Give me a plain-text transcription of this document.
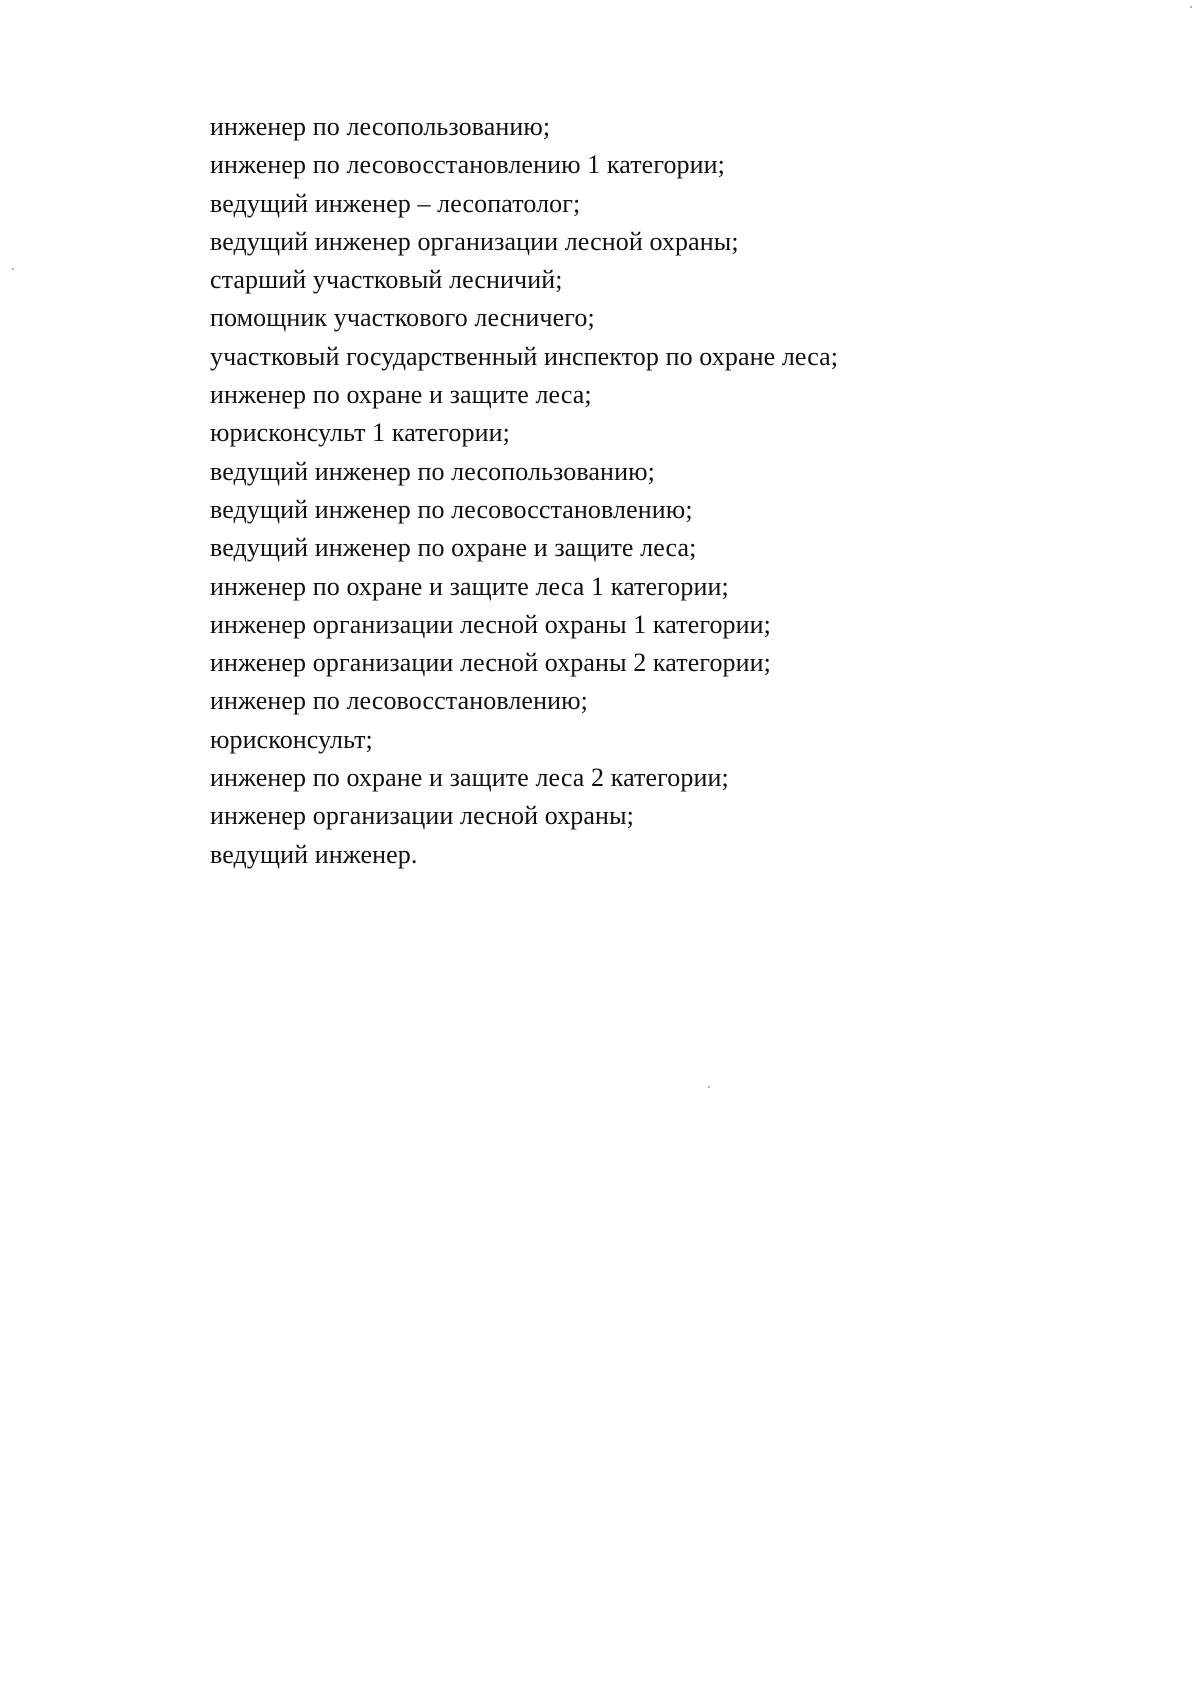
инженер по лесопользованию;
инженер по лесовосстановлению 1 категории;
ведущий инженер – лесопатолог;
ведущий инженер организации лесной охраны;
старший участковый лесничий;
помощник участкового лесничего;
участковый государственный инспектор по охране леса;
инженер по охране и защите леса;
юрисконсульт 1 категории;
ведущий инженер по лесопользованию;
ведущий инженер по лесовосстановлению;
ведущий инженер по охране и защите леса;
инженер по охране и защите леса 1 категории;
инженер организации лесной охраны 1 категории;
инженер организации лесной охраны 2 категории;
инженер по лесовосстановлению;
юрисконсульт;
инженер по охране и защите леса 2 категории;
инженер организации лесной охраны;
ведущий инженер.
